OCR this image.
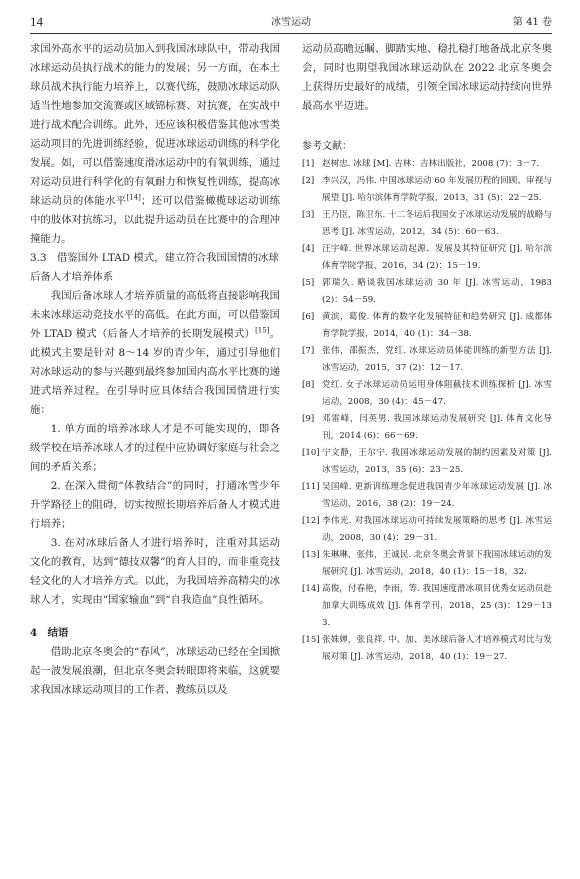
14	冰雪运动	第 41 卷

求国外高水平的运动员加入到我国冰球队中，带动我国冰球运动员执行战术的能力的发展；另一方面，在本土球员战术执行能力培养上，以赛代练，鼓励冰球运动队适当性地参加交流赛或区域锦标赛、对抗赛，在实战中进行战术配合训练。此外，还应该积极借鉴其他冰雪类运动项目的先进训练经验，促进冰球运动训练的科学化发展。如，可以借鉴速度滑冰运动中的有氧训练，通过对运动员进行科学化的有氧耐力和恢复性训练，提高冰球运动员的体能水平[14]；还可以借鉴橄榄球运动训练中的肢体对抗练习，以此提升运动员在比赛中的合理冲撞能力。

3.3　借鉴国外 LTAD 模式，建立符合我国国情的冰球后备人才培养体系

我国后备冰球人才培养质量的高低将直接影响我国未来冰球运动竞技水平的高低。在此方面，可以借鉴国外 LTAD 模式（后备人才培养的长期发展模式）[15]。此模式主要是针对 8～14 岁的青少年，通过引导他们对冰球运动的参与兴趣到最终参加国内高水平比赛的递进式培养过程。在引导时应具体结合我国国情进行实施：

1. 单方面的培养冰球人才是不可能实现的，即各级学校在培养冰球人才的过程中应协调好家庭与社会之间的矛盾关系；

2. 在深入贯彻“体教结合”的同时，打通冰雪少年升学路径上的阻碍，切实按照长期培养后备人才模式进行培养；

3. 在对冰球后备人才进行培养时，注重对其运动文化的教育，达到“德技双馨”的育人目的，而非重竞技轻文化的人才培养方式。以此，为我国培养高精尖的冰球人才，实现由“国家输血”到“自我造血”良性循环。

4　结语

借助北京冬奥会的“春风”，冰球运动已经在全国掀起一波发展浪潮，但北京冬奥会转眼即将来临，这就要求我国冰球运动项目的工作者、教练员以及

运动员高瞻远瞩、脚踏实地、稳扎稳打地备战北京冬奥会，同时也期望我国冰球运动队在 2022 北京冬奥会上获得历史最好的成绩，引领全国冰球运动持续向世界最高水平迈进。

参考文献：

[1] 赵树忠. 冰球 [M]. 吉林：吉林出版社，2008 (7)：3－7.
[2] 李兴汉，冯伟. 中国冰球运动 60 年发展历程的回顾、审视与展望 [J]. 哈尔滨体育学院学报，2013，31 (5)：22－25.
[3] 王乃臣，陈卫东. 十二冬运后我国女子冰球运动发展的战略与思考 [J]. 冰雪运动，2012，34 (5)：60－63.
[4] 汪宇峰. 世界冰球运动起源、发展及其特征研究 [J]. 哈尔滨体育学院学报，2016，34 (2)：15－19.
[5] 郭瑞久. 略谈我国冰球运动 30 年 [J]. 冰雪运动，1983 (2)：54－59.
[6] 黄滨，葛俊. 体育的数字化发展特征和趋势研究 [J]. 成都体育学院学报，2014，40 (1)：34－38.
[7] 张伟，邵振杰，党红. 冰球运动员体能训练的新型方法 [J]. 冰雪运动，2015，37 (2)：12－17.
[8] 党红. 女子冰球运动员运用身体阻截技术训练探析 [J]. 冰雪运动，2008，30 (4)：45－47.
[9] 邓雷峰，闫英男. 我国冰球运动发展研究 [J]. 体育文化导刊，2014 (6)：66－69.
[10] 宁文静，王尔宁. 我国冰球运动发展的制约因素及对策 [J]. 冰雪运动，2013，35 (6)：23－25.
[11] 吴国峰. 更新训练理念促进我国青少年冰球运动发展 [J]. 冰雪运动，2016，38 (2)：19－24.
[12] 李伟光. 对我国冰球运动可持续发展策略的思考 [J]. 冰雪运动，2008，30 (4)：29－31.
[13] 朱琳琳，张伟，王诚民. 北京冬奥会背景下我国冰球运动的发展研究 [J]. 冰雪运动，2018，40 (1)：15－18，32.
[14] 高俊，付春艳，李雨，等. 我国速度滑冰项目优秀女运动员赴加拿大训练成效 [J]. 体育学刊，2018，25 (3)：129－133.
[15] 张姝婵，张良祥. 中、加、美冰球后备人才培养模式对比与发展对策 [J]. 冰雪运动，2018，40 (1)：19－27.
